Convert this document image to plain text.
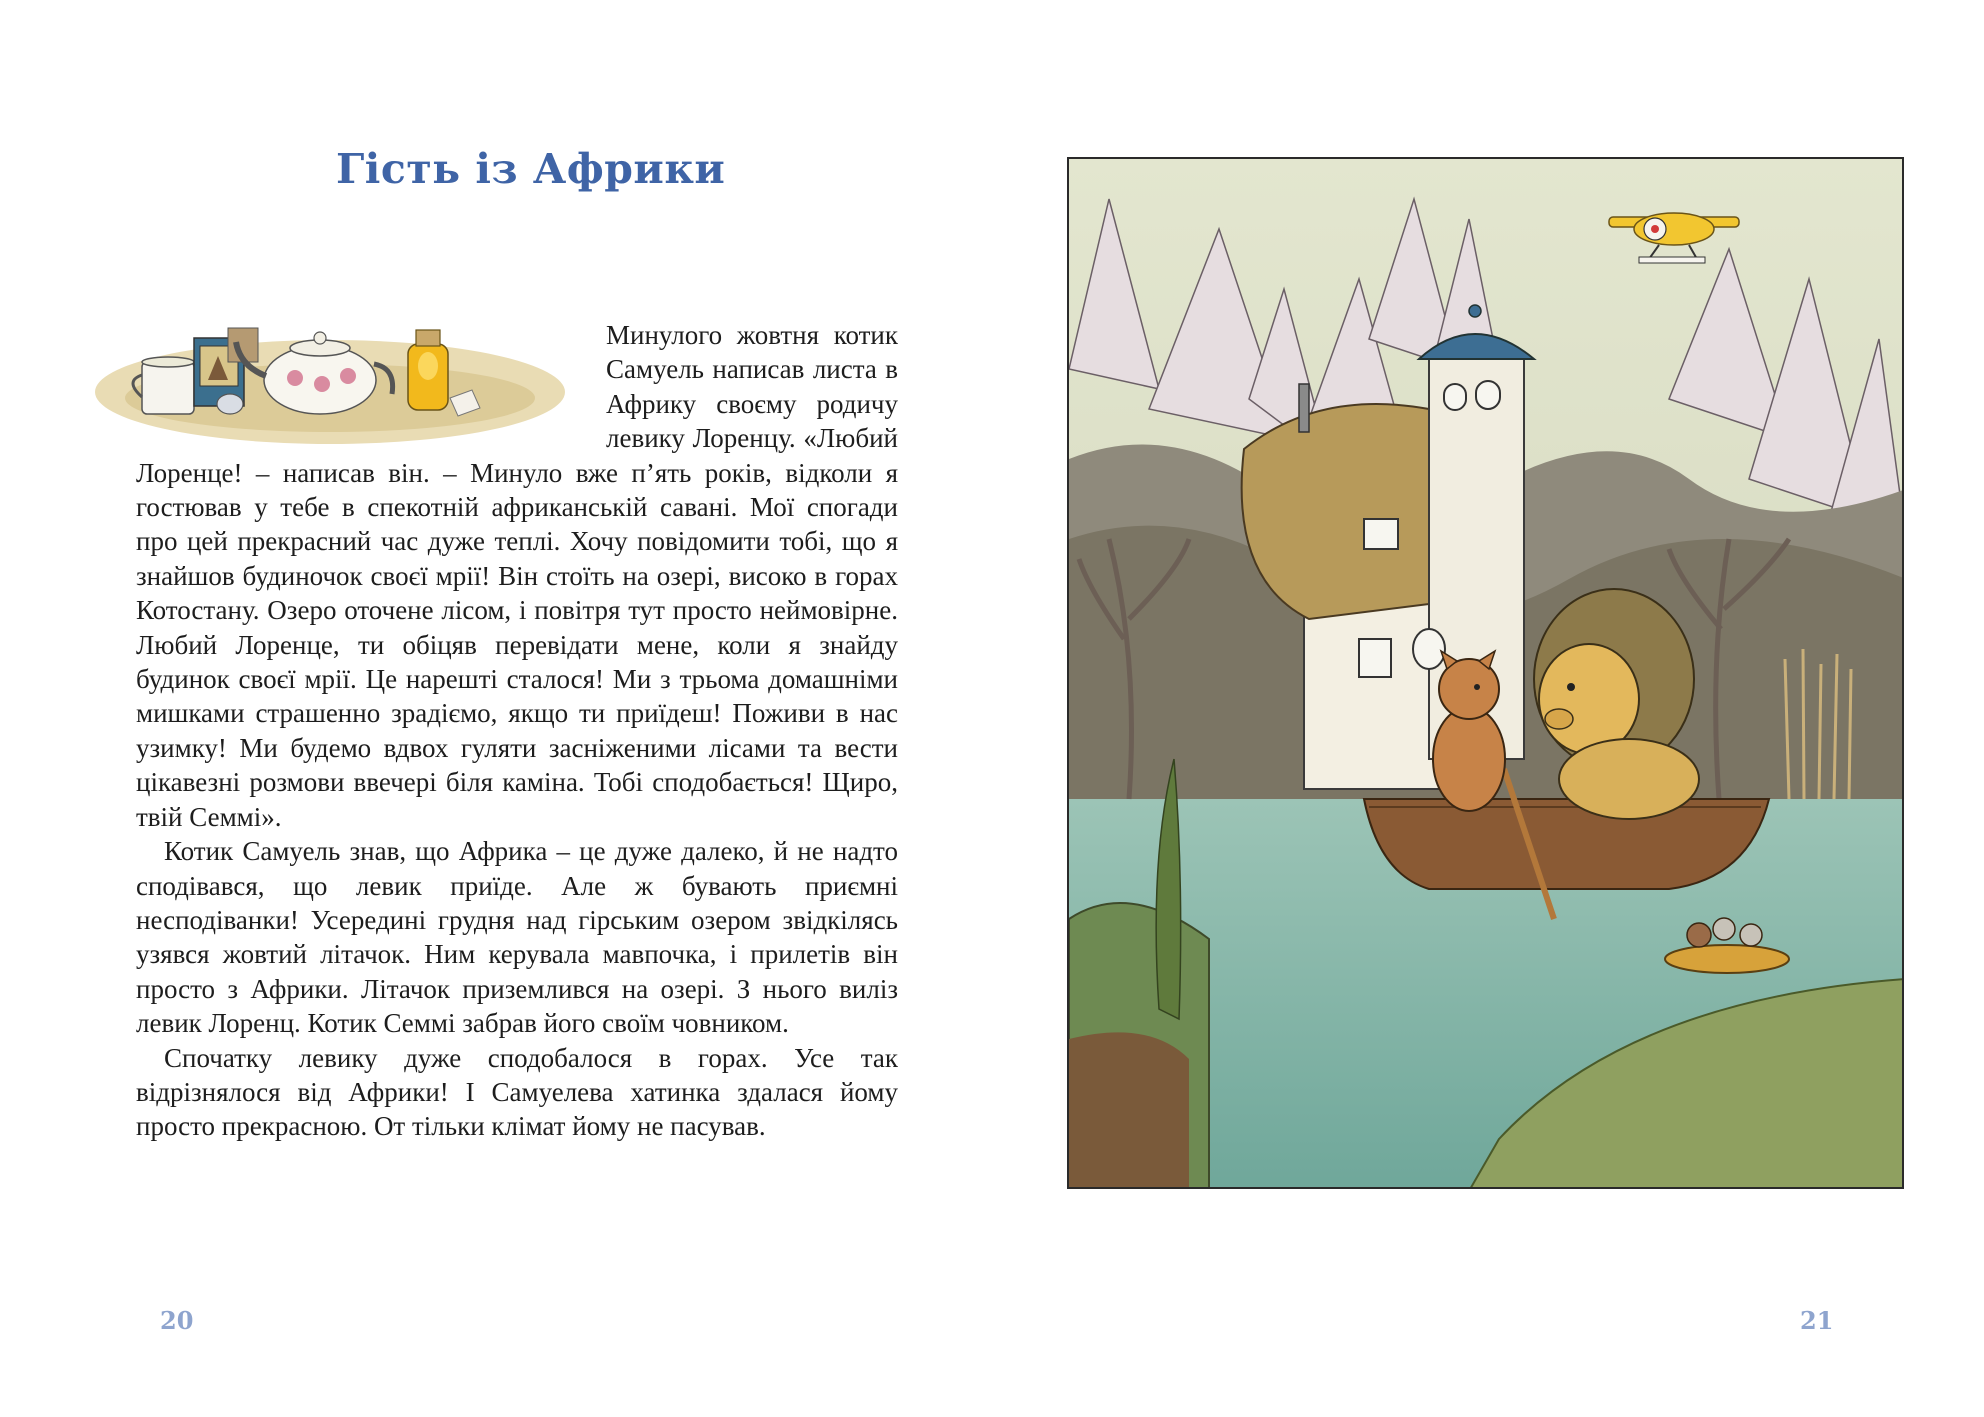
Гість із Африки

Минулого жовтня котик Самуель написав листа в Африку своєму родичу левику Лоренцу. «Любий Лоренце! – написав він. – Минуло вже п’ять років, відколи я гостював у тебе в спекотній африканській савані. Мої спогади про цей прекрасний час дуже теплі. Хочу повідомити тобі, що я знайшов будиночок своєї мрії! Він стоїть на озері, високо в горах Котостану. Озеро оточене лісом, і повітря тут просто неймовірне. Любий Лоренце, ти обіцяв перевідати мене, коли я знайду будинок своєї мрії. Це нарешті сталося! Ми з трьома домашніми мишками страшенно зрадіємо, якщо ти приїдеш! Поживи в нас узимку! Ми будемо вдвох гуляти засніженими лісами та вести цікавезні розмови ввечері біля каміна. Тобі сподобається! Щиро, твій Семмі».

Котик Самуель знав, що Африка – це дуже далеко, й не надто сподівався, що левик приїде. Але ж бувають приємні несподіванки! Усередині грудня над гірським озером звідкілясь узявся жовтий літачок. Ним керувала мавпочка, і прилетів він просто з Африки. Літачок приземлився на озері. З нього виліз левик Лоренц. Котик Семмі забрав його своїм човником.

Спочатку левику дуже сподобалося в горах. Усе так відрізнялося від Африки! І Самуелева хатинка здалася йому просто прекрасною. От тільки клімат йому не пасував.

20	21
